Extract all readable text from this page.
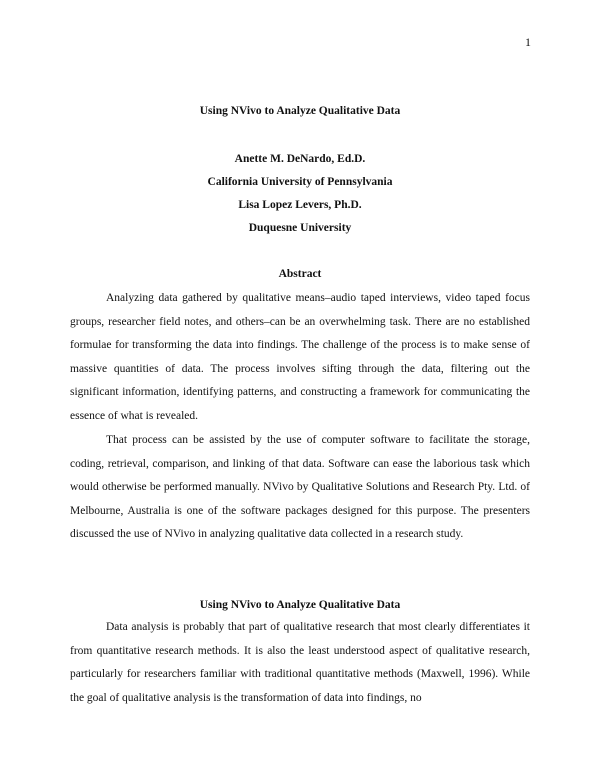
1
Using NVivo to Analyze Qualitative Data
Anette M. DeNardo, Ed.D.
California University of Pennsylvania
Lisa Lopez Levers, Ph.D.
Duquesne University
Abstract

Analyzing data gathered by qualitative means–audio taped interviews, video taped focus groups, researcher field notes, and others–can be an overwhelming task. There are no established formulae for transforming the data into findings. The challenge of the process is to make sense of massive quantities of data. The process involves sifting through the data, filtering out the significant information, identifying patterns, and constructing a framework for communicating the essence of what is revealed.

That process can be assisted by the use of computer software to facilitate the storage, coding, retrieval, comparison, and linking of that data. Software can ease the laborious task which would otherwise be performed manually. NVivo by Qualitative Solutions and Research Pty. Ltd. of Melbourne, Australia is one of the software packages designed for this purpose. The presenters discussed the use of NVivo in analyzing qualitative data collected in a research study.

Using NVivo to Analyze Qualitative Data

Data analysis is probably that part of qualitative research that most clearly differentiates it from quantitative research methods. It is also the least understood aspect of qualitative research, particularly for researchers familiar with traditional quantitative methods (Maxwell, 1996). While the goal of qualitative analysis is the transformation of data into findings, no
